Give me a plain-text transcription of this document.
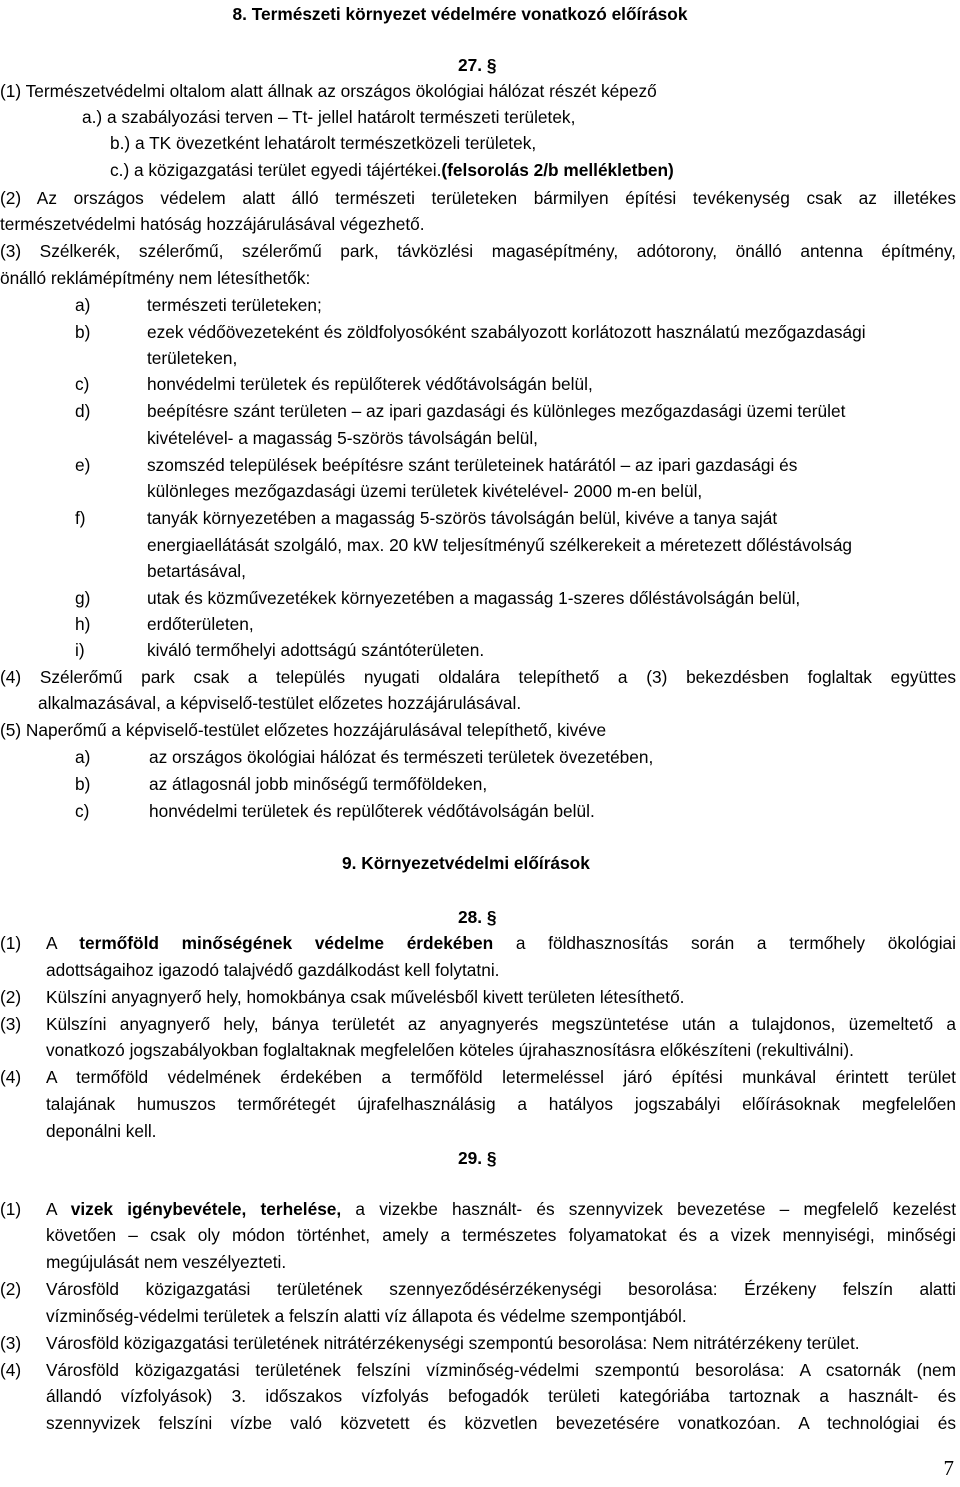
8. Természeti környezet védelmére vonatkozó előírások
27. §
(1) Természetvédelmi oltalom alatt állnak az országos ökológiai hálózat részét képező
a.) a szabályozási terven – Tt- jellel határolt természeti területek,
b.) a TK övezetként lehatárolt természetközeli területek,
c.) a közigazgatási terület egyedi tájértékei.(felsorolás 2/b mellékletben)
(2) Az országos védelem alatt álló természeti területeken bármilyen építési tevékenység csak az illetékes
természetvédelmi hatóság hozzájárulásával végezhető.
(3) Szélkerék, szélerőmű, szélerőmű park, távközlési magasépítmény, adótorony, önálló antenna építmény,
önálló reklámépítmény nem létesíthetők:
a)	természeti területeken;
b)	ezek védőövezeteként és zöldfolyosóként szabályozott korlátozott használatú mezőgazdasági
területeken,
c)	honvédelmi területek és repülőterek védőtávolságán belül,
d)	beépítésre szánt területen – az ipari gazdasági és különleges mezőgazdasági üzemi terület
kivételével- a magasság 5-szörös távolságán belül,
e)	szomszéd települések beépítésre szánt területeinek határától – az ipari gazdasági és
különleges mezőgazdasági üzemi területek kivételével- 2000 m-en belül,
f)	tanyák környezetében a magasság 5-szörös távolságán belül, kivéve a tanya saját
energiaellátását szolgáló, max. 20 kW teljesítményű szélkerekeit a méretezett dőléstávolság
betartásával,
g)	utak és közművezetékek környezetében a magasság 1-szeres dőléstávolságán belül,
h)	erdőterületen,
i)	kiváló termőhelyi adottságú szántóterületen.
(4) Szélerőmű park csak a település nyugati oldalára telepíthető a (3) bekezdésben foglaltak együttes
alkalmazásával, a képviselő-testület előzetes hozzájárulásával.
(5) Naperőmű a képviselő-testület előzetes hozzájárulásával telepíthető, kivéve
a)	az országos ökológiai hálózat és természeti területek övezetében,
b)	az átlagosnál jobb minőségű termőföldeken,
c)	honvédelmi területek és repülőterek védőtávolságán belül.
9. Környezetvédelmi előírások
28. §
(1) A termőföld minőségének védelme érdekében a földhasznosítás során a termőhely ökológiai
adottságaihoz igazodó talajvédő gazdálkodást kell folytatni.
(2) Külszíni anyagnyerő hely, homokbánya csak művelésből kivett területen létesíthető.
(3) Külszíni anyagnyerő hely, bánya területét az anyagnyerés megszüntetése után a tulajdonos, üzemeltető a
vonatkozó jogszabályokban foglaltaknak megfelelően köteles újrahasznosításra előkészíteni (rekultiválni).
(4) A termőföld védelmének érdekében a termőföld letermeléssel járó építési munkával érintett terület
talajának humuszos termőrétegét újrafelhasználásig a hatályos jogszabályi előírásoknak megfelelően
deponálni kell.
29. §
(1) A vizek igénybevétele, terhelése, a vizekbe használt- és szennyvizek bevezetése – megfelelő kezelést
követően – csak oly módon történhet, amely a természetes folyamatokat és a vizek mennyiségi, minőségi
megújulását nem veszélyezteti.
(2) Városföld közigazgatási területének szennyeződésérzékenységi besorolása: Érzékeny felszín alatti
vízminőség-védelmi területek a felszín alatti víz állapota és védelme szempontjából.
(3) Városföld közigazgatási területének nitrátérzékenységi szempontú besorolása: Nem nitrátérzékeny terület.
(4) Városföld közigazgatási területének felszíni vízminőség-védelmi szempontú besorolása: A csatornák (nem
állandó vízfolyások) 3. időszakos vízfolyás befogadók területi kategóriába tartoznak a használt- és
szennyvizek felszíni vízbe való közvetett és közvetlen bevezetésére vonatkozóan. A technológiai és
7
